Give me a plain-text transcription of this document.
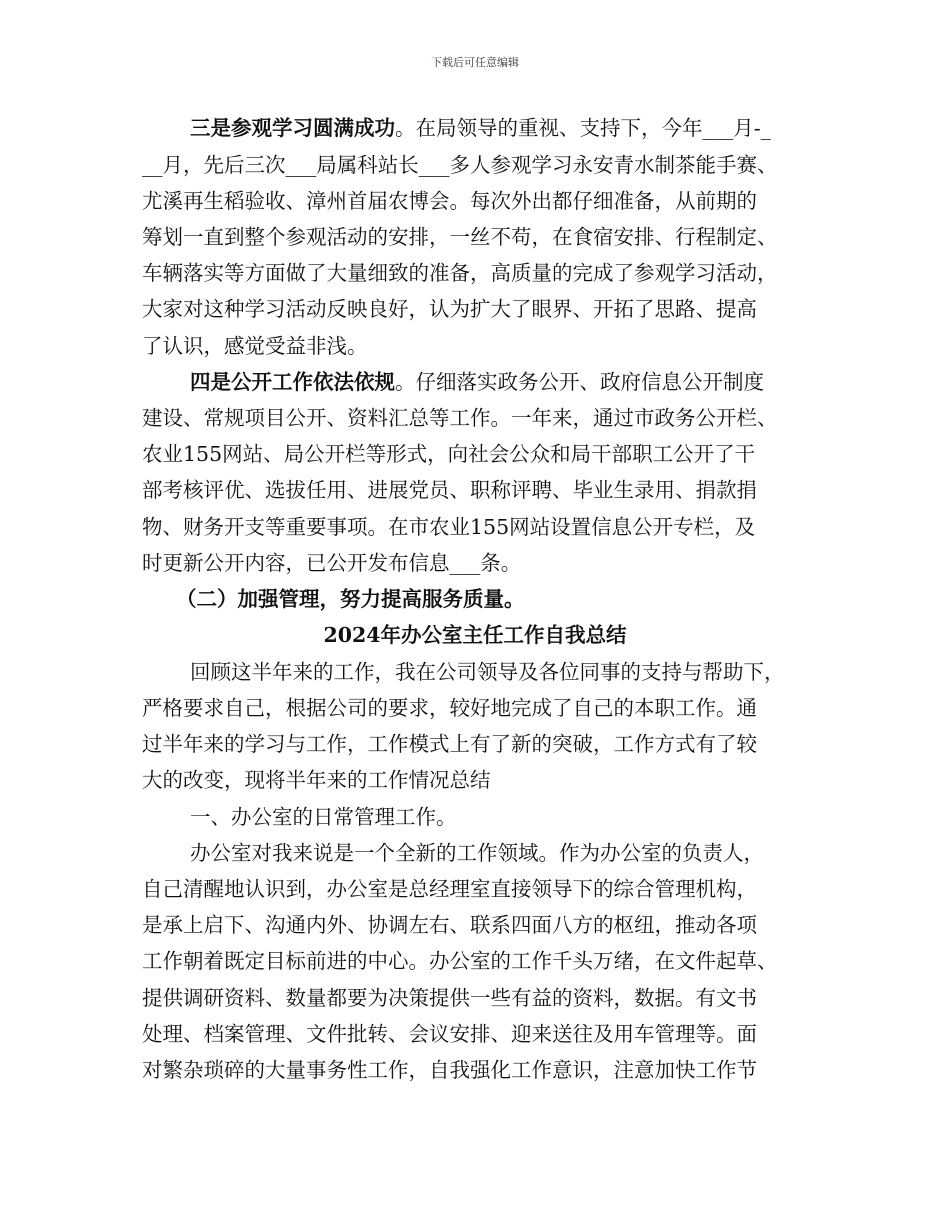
下载后可任意编辑
三是参观学习圆满成功。在局领导的重视、支持下，今年___月-_
__月，先后三次___局属科站长___多人参观学习永安青水制茶能手赛、
尤溪再生稻验收、漳州首届农博会。每次外出都仔细准备，从前期的
筹划一直到整个参观活动的安排，一丝不苟，在食宿安排、行程制定、
车辆落实等方面做了大量细致的准备，高质量的完成了参观学习活动，
大家对这种学习活动反映良好，认为扩大了眼界、开拓了思路、提高
了认识，感觉受益非浅。
四是公开工作依法依规。仔细落实政务公开、政府信息公开制度
建设、常规项目公开、资料汇总等工作。一年来，通过市政务公开栏、
农业155网站、局公开栏等形式，向社会公众和局干部职工公开了干
部考核评优、选拔任用、进展党员、职称评聘、毕业生录用、捐款捐
物、财务开支等重要事项。在市农业155网站设置信息公开专栏，及
时更新公开内容，已公开发布信息___条。
（二）加强管理，努力提高服务质量。
2024年办公室主任工作自我总结
回顾这半年来的工作，我在公司领导及各位同事的支持与帮助下，
严格要求自己，根据公司的要求，较好地完成了自己的本职工作。通
过半年来的学习与工作，工作模式上有了新的突破，工作方式有了较
大的改变，现将半年来的工作情况总结
一、办公室的日常管理工作。
办公室对我来说是一个全新的工作领域。作为办公室的负责人，
自己清醒地认识到，办公室是总经理室直接领导下的综合管理机构，
是承上启下、沟通内外、协调左右、联系四面八方的枢纽，推动各项
工作朝着既定目标前进的中心。办公室的工作千头万绪，在文件起草、
提供调研资料、数量都要为决策提供一些有益的资料，数据。有文书
处理、档案管理、文件批转、会议安排、迎来送往及用车管理等。面
对繁杂琐碎的大量事务性工作，自我强化工作意识，注意加快工作节
